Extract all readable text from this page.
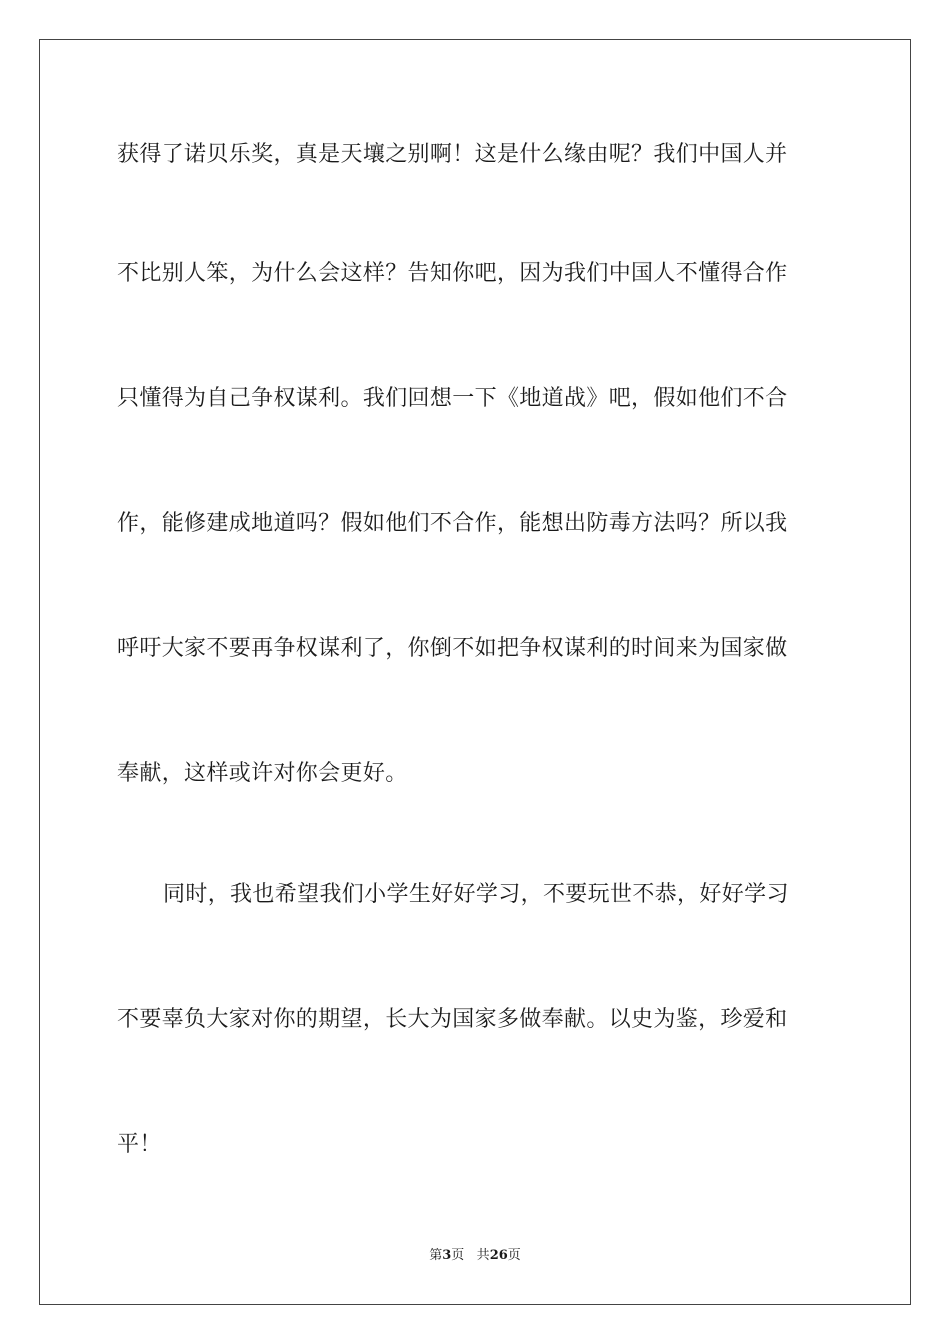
获得了诺贝乐奖，真是天壤之别啊！这是什么缘由呢？我们中国人并
不比别人笨，为什么会这样？告知你吧，因为我们中国人不懂得合作
只懂得为自己争权谋利。我们回想一下《地道战》吧，假如他们不合
作，能修建成地道吗？假如他们不合作，能想出防毒方法吗？所以我
呼吁大家不要再争权谋利了，你倒不如把争权谋利的时间来为国家做
奉献，这样或许对你会更好。
同时，我也希望我们小学生好好学习，不要玩世不恭，好好学习
不要辜负大家对你的期望，长大为国家多做奉献。以史为鉴，珍爱和
平！
第3页 共26页
